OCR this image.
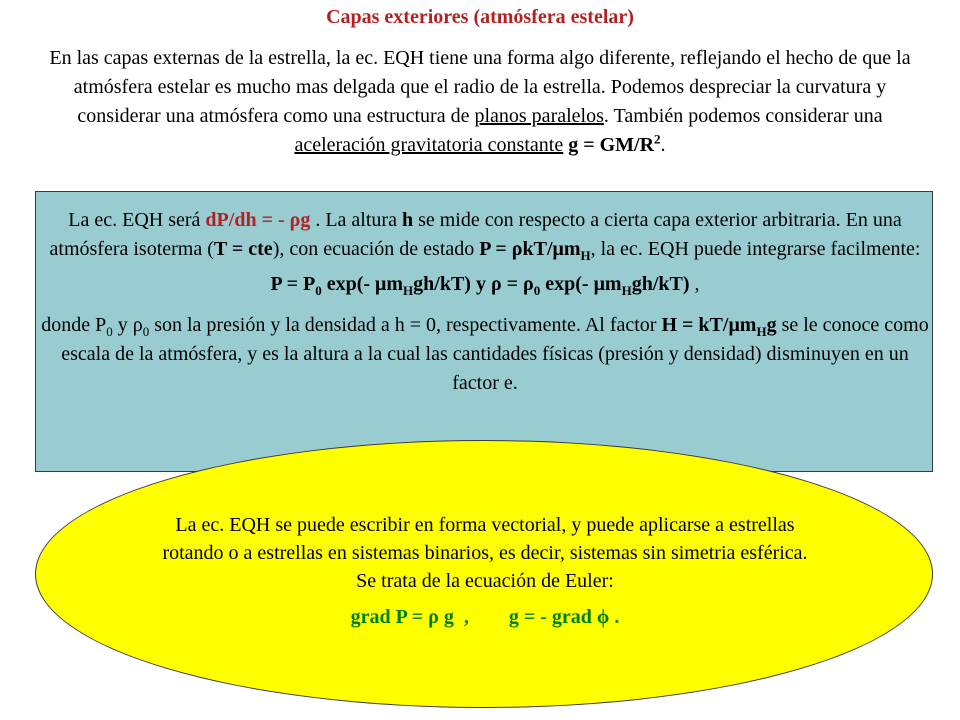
Capas exteriores (atmósfera estelar)
En las capas externas de la estrella, la ec. EQH tiene una forma algo diferente, reflejando el hecho de que la atmósfera estelar es mucho mas delgada que el radio de la estrella. Podemos despreciar la curvatura y considerar una atmósfera como una estructura de planos paralelos. También podemos considerar una aceleración gravitatoria constante $g = GM/R^2$.

La ec. EQH será dP/dh = - ρg . La altura h se mide con respecto a cierta capa exterior arbitraria. En una atmósfera isoterma (T = cte), con ecuación de estado P = ρkT/$\mu m_H$, la ec. EQH puede integrarse facilmente:

$P = P_0$ exp(- $\mu m_Hgh/kT$) y $\rho = \rho_0$ exp(- $\mu m_Hgh/kT$) ,

donde $P_0$ y $\rho_0$ son la presión y la densidad a h = 0, respectivamente. Al factor $H = kT/\mu m_Hg$ se le conoce como escala de la atmósfera, y es la altura a la cual las cantidades físicas (presión y densidad) disminuyen en un factor e.

La ec. EQH se puede escribir en forma vectorial, y puede aplicarse a estrellas rotando o a estrellas en sistemas binarios, es decir, sistemas sin simetria esférica. Se trata de la ecuación de Euler:

grad P = ρ g  ,        g = - grad ϕ .
